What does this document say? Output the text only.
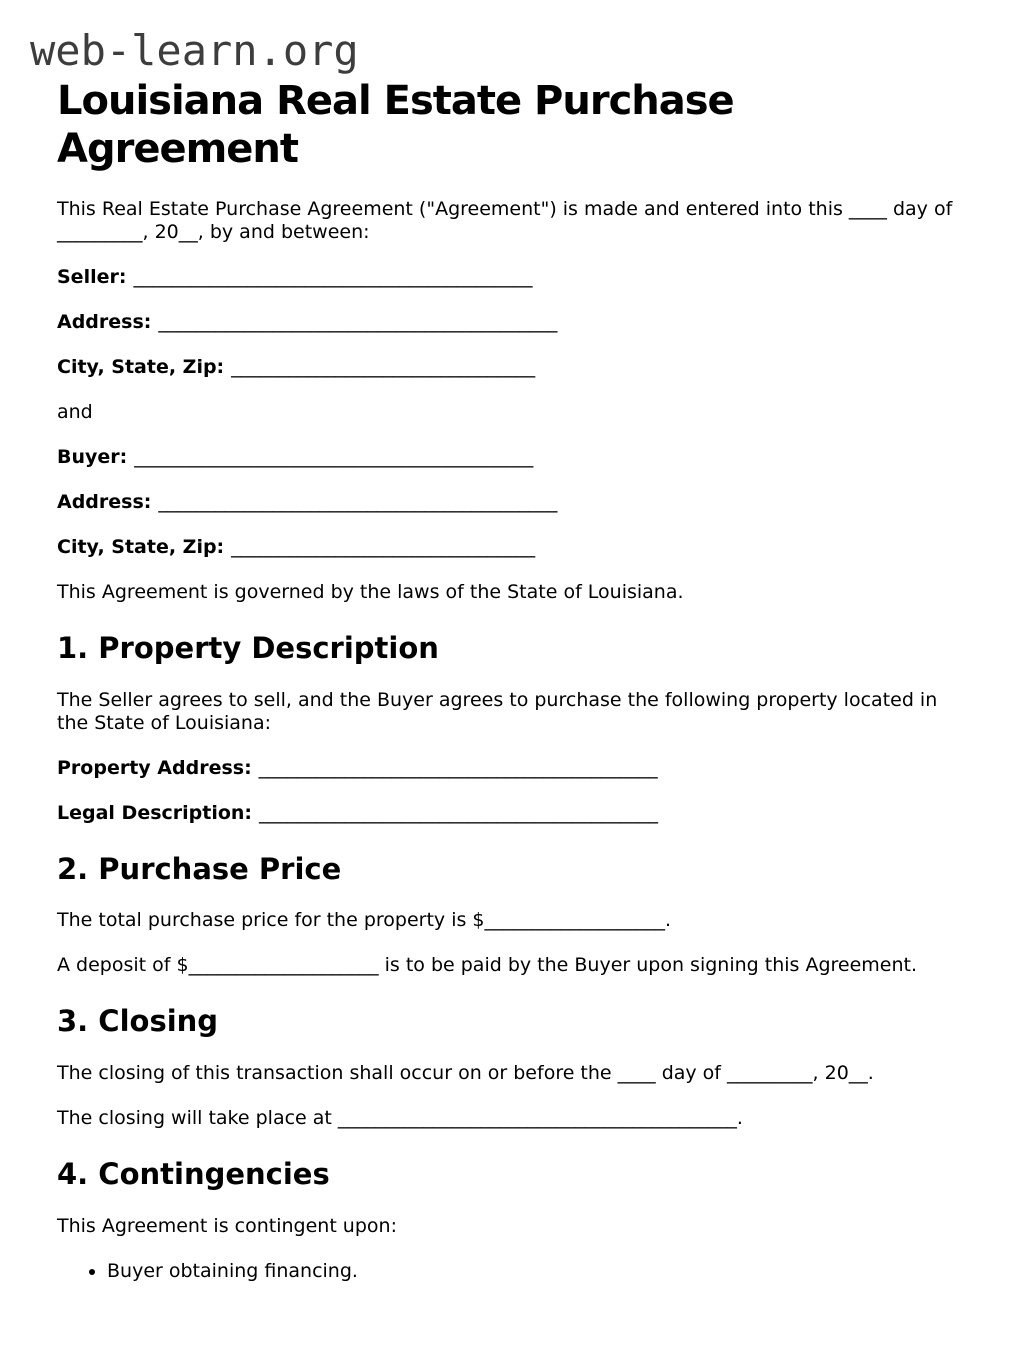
web-learn.org

Louisiana Real Estate Purchase Agreement

This Real Estate Purchase Agreement ("Agreement") is made and entered into this ____ day of _________, 20__, by and between:

Seller: __________________________________________

Address: __________________________________________

City, State, Zip: ________________________________

and

Buyer: __________________________________________

Address: __________________________________________

City, State, Zip: ________________________________

This Agreement is governed by the laws of the State of Louisiana.

1. Property Description

The Seller agrees to sell, and the Buyer agrees to purchase the following property located in the State of Louisiana:

Property Address: __________________________________________

Legal Description: __________________________________________

2. Purchase Price

The total purchase price for the property is $___________________.

A deposit of $____________________ is to be paid by the Buyer upon signing this Agreement.

3. Closing

The closing of this transaction shall occur on or before the ____ day of _________, 20__.

The closing will take place at __________________________________________.

4. Contingencies

This Agreement is contingent upon:

• Buyer obtaining financing.
